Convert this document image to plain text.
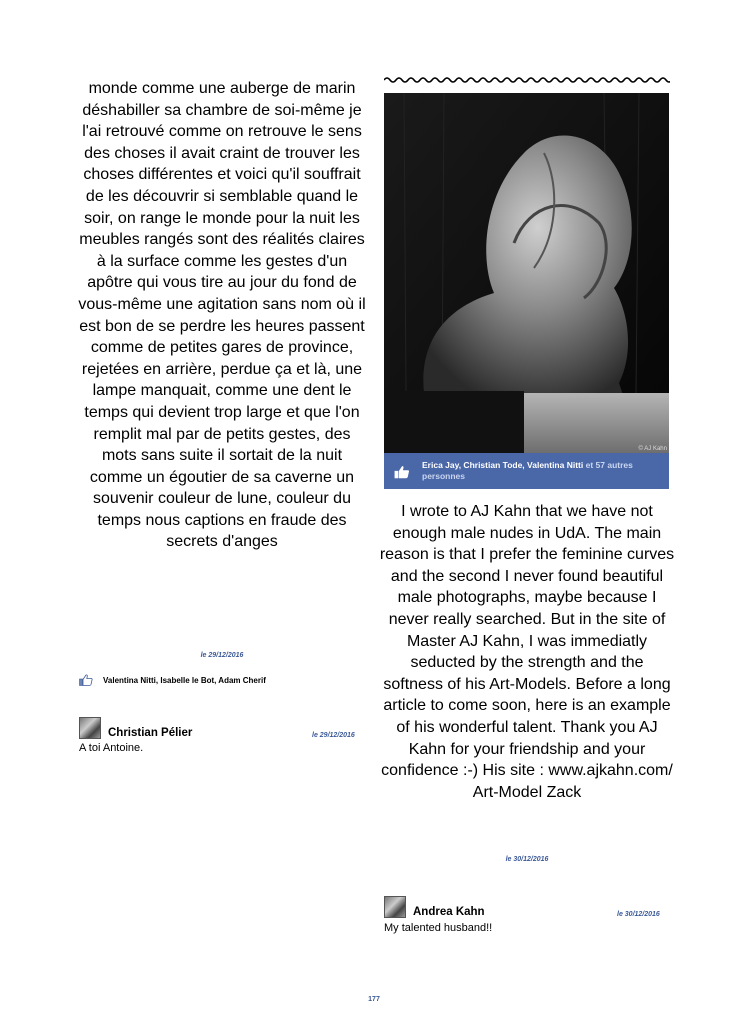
monde comme une auberge de marin déshabiller sa chambre de soi-même je l'ai retrouvé comme on retrouve le sens des choses il avait craint de trouver les choses différentes et voici qu'il souffrait de les découvrir si semblable quand le soir, on range le monde pour la nuit les meubles rangés sont des réalités claires à la surface comme les gestes d'un apôtre qui vous tire au jour du fond de vous-même une agitation sans nom où il est bon de se perdre les heures passent comme de petites gares de province, rejetées en arrière, perdue ça et là, une lampe manquait, comme une dent le temps qui devient trop large et que l'on remplit mal par de petits gestes, des mots sans suite il sortait de la nuit comme un égoutier de sa caverne un souvenir couleur de lune, couleur du temps nous captions en fraude des secrets d'anges
le 29/12/2016
Valentina Nitti, Isabelle le Bot, Adam Cherif
Christian Pélier	le 29/12/2016
A toi Antoine.
© AJ Kahn
Erica Jay, Christian Tode, Valentina Nitti et 57 autres personnes
I wrote to AJ Kahn that we have not enough male nudes in UdA. The main reason is that I prefer the feminine curves and the second I never found beautiful male photographs, maybe because I never really searched. But in the site of Master AJ Kahn, I was immediatly seducted by the strength and the softness of his Art-Models. Before a long article to come soon, here is an example of his wonderful talent. Thank you AJ Kahn for your friendship and your confidence :-) His site : www.ajkahn.com/ Art-Model Zack
le 30/12/2016
Andrea Kahn	le 30/12/2016
My talented husband!!
177
